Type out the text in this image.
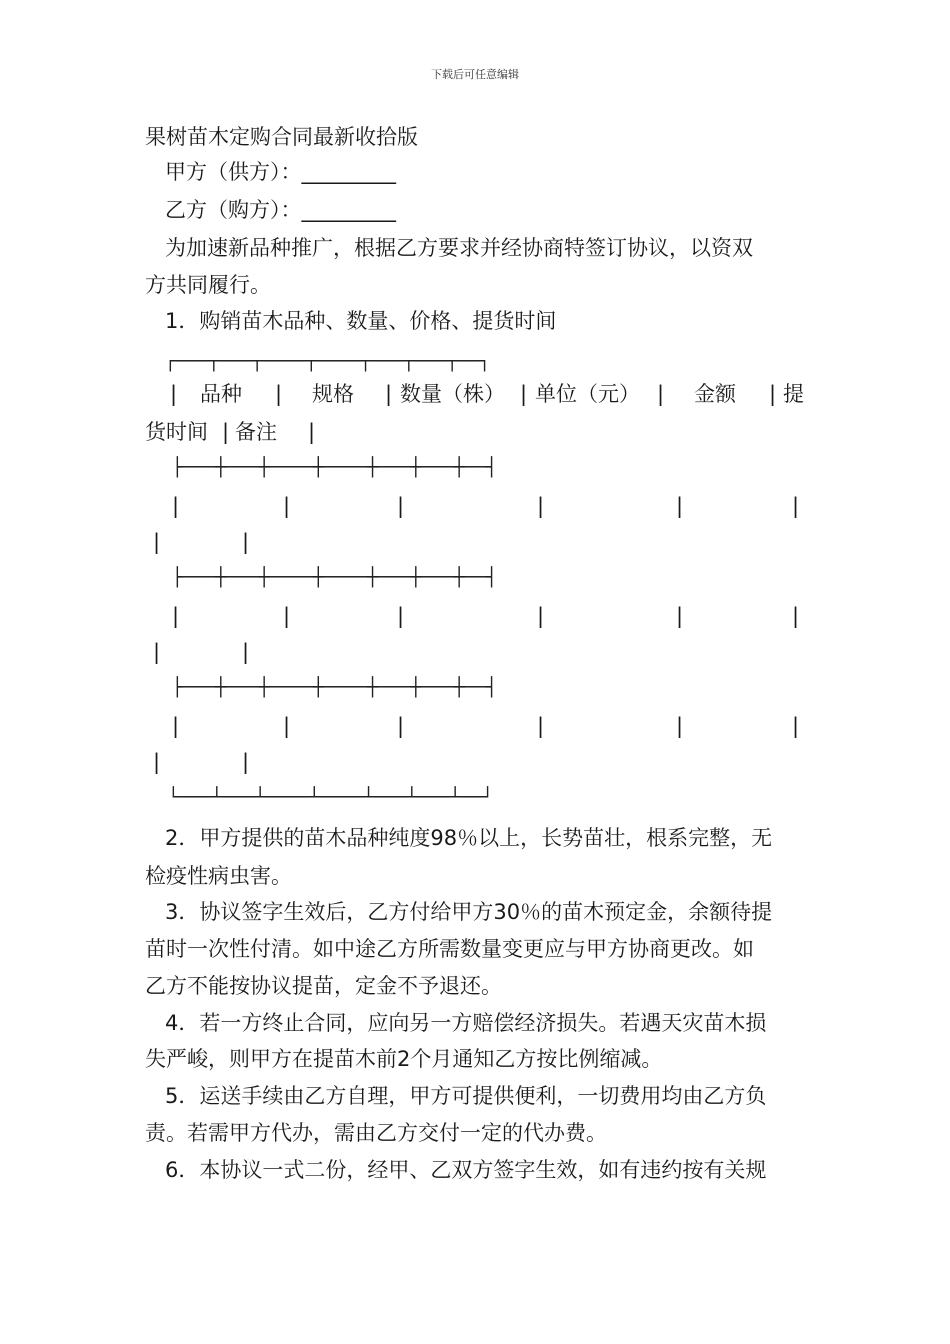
下载后可任意编辑
果树苗木定购合同最新收拾版
甲方（供方）：_________
乙方（购方）：_________
为加速新品种推广，根据乙方要求并经协商特签订协议，以资双
方共同履行。
1．购销苗木品种、数量、价格、提货时间
┌───┬───┬────┬────┬───┬───┬──┐
| 品种 | 规格 | 数量（株） | 单位（元） | 金额 | 提
货时间 | 备注 |
├───┼───┼────┼────┼───┼───┼──┤
|	|	|	|	|	|
|	|
├───┼───┼────┼────┼───┼───┼──┤
|	|	|	|	|	|
|	|
├───┼───┼────┼────┼───┼───┼──┤
|	|	|	|	|	|
|	|
└───┴───┴────┴────┴───┴───┴──┘
2．甲方提供的苗木品种纯度98％以上，长势苗壮，根系完整，无
检疫性病虫害。
3．协议签字生效后，乙方付给甲方30％的苗木预定金，余额待提
苗时一次性付清。如中途乙方所需数量变更应与甲方协商更改。如
乙方不能按协议提苗，定金不予退还。
4．若一方终止合同，应向另一方赔偿经济损失。若遇天灾苗木损
失严峻，则甲方在提苗木前2个月通知乙方按比例缩减。
5．运送手续由乙方自理，甲方可提供便利，一切费用均由乙方负
责。若需甲方代办，需由乙方交付一定的代办费。
6．本协议一式二份，经甲、乙双方签字生效，如有违约按有关规
